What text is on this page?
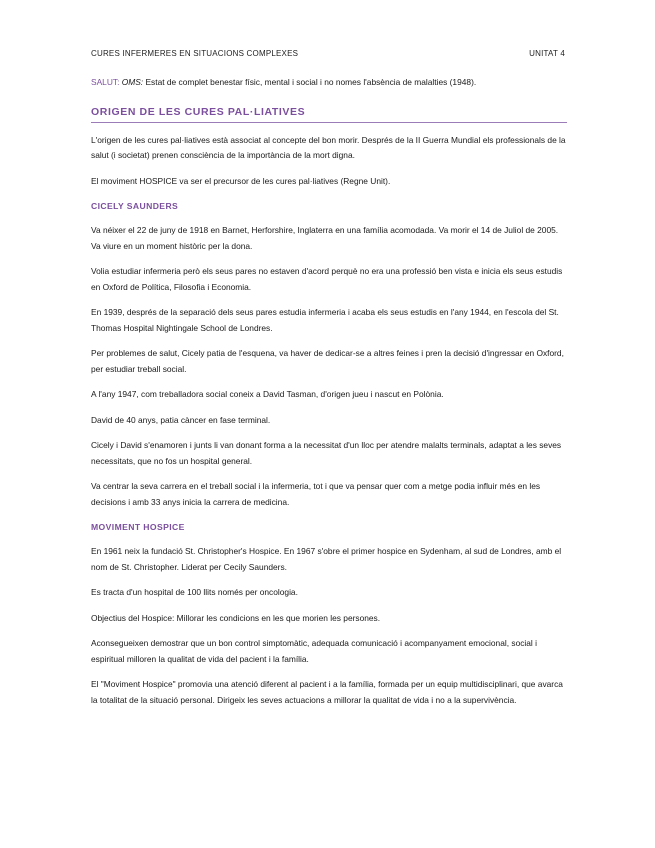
CURES INFERMERES EN SITUACIONS COMPLEXES	UNITAT 4

SALUT: OMS: Estat de complet benestar físic, mental i social i no nomes l'absència de malalties (1948).

ORIGEN DE LES CURES PAL·LIATIVES

L'origen de les cures pal·liatives està associat al concepte del bon morir. Després de la II Guerra Mundial els professionals de la salut (i societat) prenen consciència de la importància de la mort digna.

El moviment HOSPICE va ser el precursor de les cures pal·liatives (Regne Unit).

CICELY SAUNDERS

Va néixer el 22 de juny de 1918 en Barnet, Herforshire, Inglaterra en una família acomodada. Va morir el 14 de Juliol de 2005. Va viure en un moment històric per la dona.

Volia estudiar infermeria però els seus pares no estaven d'acord perquè no era una professió ben vista e inicia els seus estudis en Oxford de Política, Filosofia i Economia.

En 1939, després de la separació dels seus pares estudia infermeria i acaba els seus estudis en l'any 1944, en l'escola del St. Thomas Hospital Nightingale School de Londres.

Per problemes de salut, Cicely patia de l'esquena, va haver de dedicar-se a altres feines i pren la decisió d'ingressar en Oxford, per estudiar treball social.

A l'any 1947, com treballadora social coneix a David Tasman, d'origen jueu i nascut en Polònia.

David de 40 anys, patia càncer en fase terminal.

Cicely i David s'enamoren i junts li van donant forma a la necessitat d'un lloc per atendre malalts terminals, adaptat a les seves necessitats, que no fos un hospital general.

Va centrar la seva carrera en el treball social i la infermeria, tot i que va pensar quer com a metge podia influir més en les decisions i amb 33 anys inicia la carrera de medicina.

MOVIMENT HOSPICE

En 1961 neix la fundació St. Christopher's Hospice. En 1967 s'obre el primer hospice en Sydenham, al sud de Londres, amb el nom de St. Christopher. Liderat per Cecily Saunders.

Es tracta d'un hospital de 100 llits només per oncologia.

Objectius del Hospice: Millorar les condicions en les que morien les persones.

Aconsegueixen demostrar que un bon control simptomàtic, adequada comunicació i acompanyament emocional, social i espiritual milloren la qualitat de vida del pacient i la família.

El "Moviment Hospice" promovia una atenció diferent al pacient i a la família, formada per un equip multidisciplinari, que avarca la totalitat de la situació personal. Dirigeix les seves actuacions a millorar la qualitat de vida i no a la supervivència.
